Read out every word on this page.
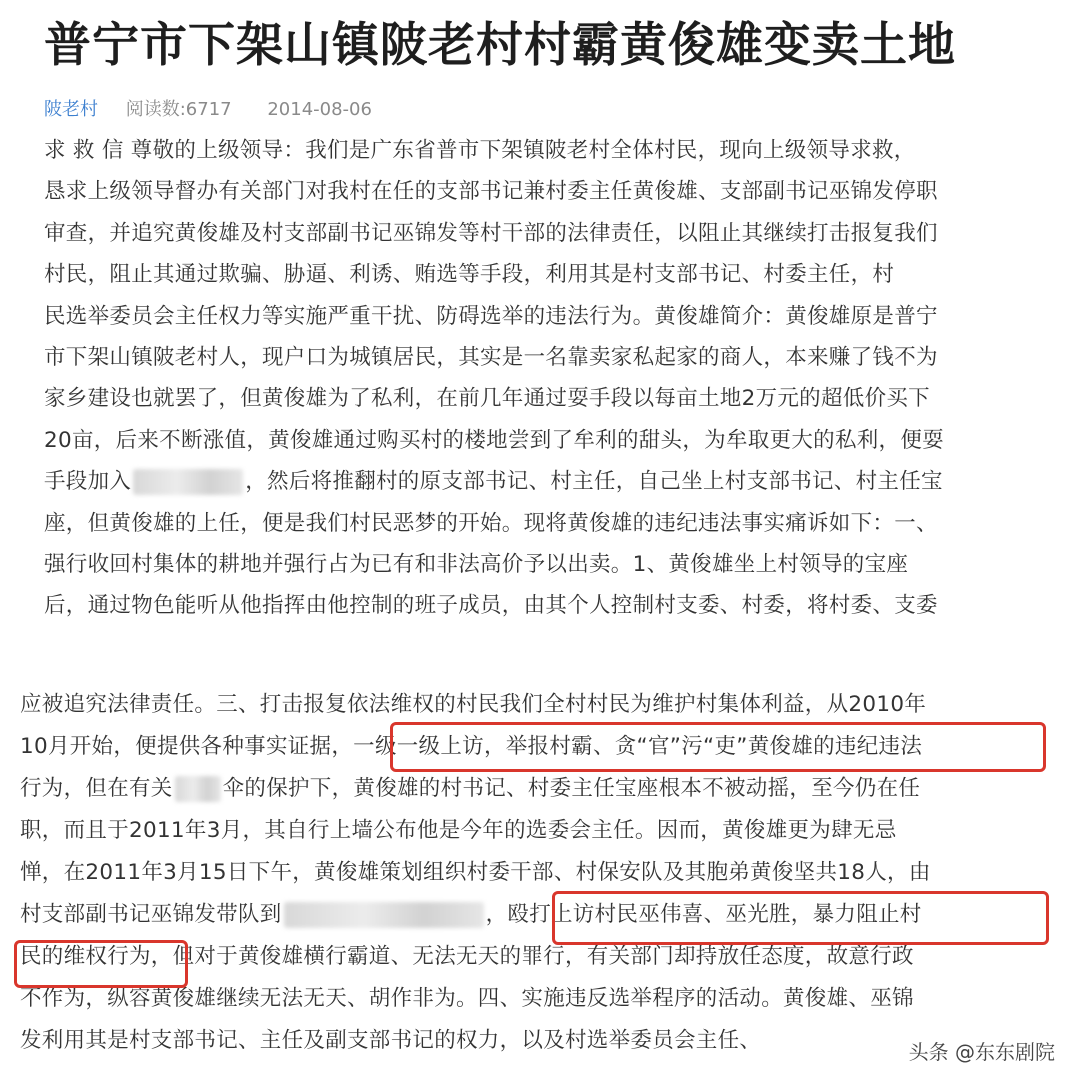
普宁市下架山镇陂老村村霸黄俊雄变卖土地
陂老村 阅读数:6717 2014-08-06
求 救 信 尊敬的上级领导：我们是广东省普市下架镇陂老村全体村民，现向上级领导求救，
恳求上级领导督办有关部门对我村在任的支部书记兼村委主任黄俊雄、支部副书记巫锦发停职
审查，并追究黄俊雄及村支部副书记巫锦发等村干部的法律责任，以阻止其继续打击报复我们
村民，阻止其通过欺骗、胁逼、利诱、贿选等手段，利用其是村支部书记、村委主任，村
民选举委员会主任权力等实施严重干扰、防碍选举的违法行为。黄俊雄简介：黄俊雄原是普宁
市下架山镇陂老村人，现户口为城镇居民，其实是一名靠卖家私起家的商人，本来赚了钱不为
家乡建设也就罢了，但黄俊雄为了私利，在前几年通过耍手段以每亩土地2万元的超低价买下
20亩，后来不断涨值，黄俊雄通过购买村的楼地尝到了牟利的甜头，为牟取更大的私利，便耍
手段加入	，然后将推翻村的原支部书记、村主任，自己坐上村支部书记、村主任宝
座，但黄俊雄的上任，便是我们村民恶梦的开始。现将黄俊雄的违纪违法事实痛诉如下：一、
强行收回村集体的耕地并强行占为已有和非法高价予以出卖。1、黄俊雄坐上村领导的宝座
后，通过物色能听从他指挥由他控制的班子成员，由其个人控制村支委、村委，将村委、支委
应被追究法律责任。三、打击报复依法维权的村民我们全村村民为维护村集体利益，从2010年
10月开始，便提供各种事实证据，一级一级上访，举报村霸、贪“官”污“吏”黄俊雄的违纪违法
行为，但在有关 伞的保护下，黄俊雄的村书记、村委主任宝座根本不被动摇，至今仍在任
职，而且于2011年3月，其自行上墙公布他是今年的选委会主任。因而，黄俊雄更为肆无忌
惮，在2011年3月15日下午，黄俊雄策划组织村委干部、村保安队及其胞弟黄俊坚共18人，由
村支部副书记巫锦发带队到	，殴打上访村民巫伟喜、巫光胜，暴力阻止村
民的维权行为，但对于黄俊雄横行霸道、无法无天的罪行，有关部门却持放任态度，故意行政
不作为，纵容黄俊雄继续无法无天、胡作非为。四、实施违反选举程序的活动。黄俊雄、巫锦
发利用其是村支部书记、主任及副支部书记的权力，以及村选举委员会主任、	头条 @东东剧院
